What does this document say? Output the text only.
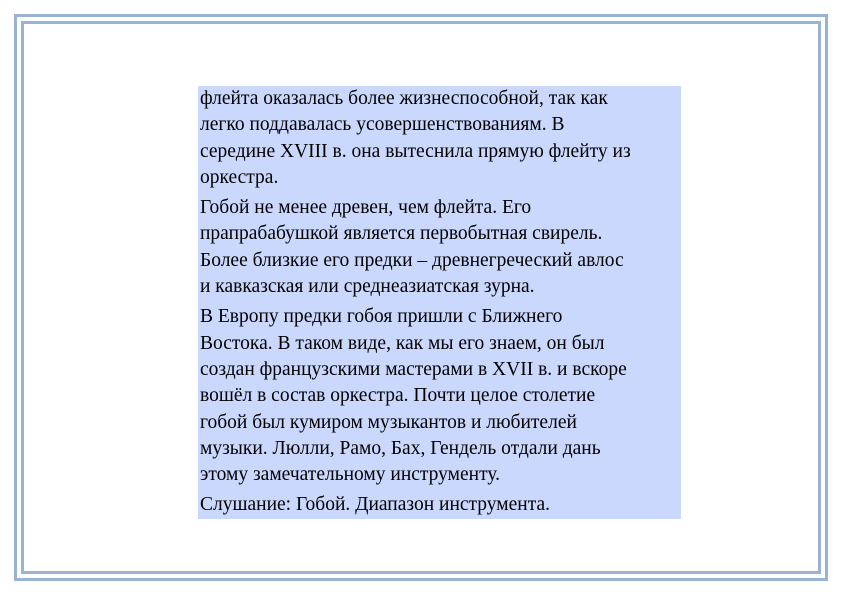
флейта оказалась более жизнеспособной, так как
легко поддавалась усовершенствованиям. В
середине XVIII в. она вытеснила прямую флейту из
оркестра.

Гобой не менее древен, чем флейта. Его
прапрабабушкой является первобытная свирель.
Более близкие его предки – древнегреческий авлос
и кавказская или среднеазиатская зурна.

В Европу предки гобоя пришли с Ближнего
Востока. В таком виде, как мы его знаем, он был
создан французскими мастерами в XVII в. и вскоре
вошёл в состав оркестра. Почти целое столетие
гобой был кумиром музыкантов и любителей
музыки. Люлли, Рамо, Бах, Гендель отдали дань
этому замечательному инструменту.

Слушание: Гобой. Диапазон инструмента.
